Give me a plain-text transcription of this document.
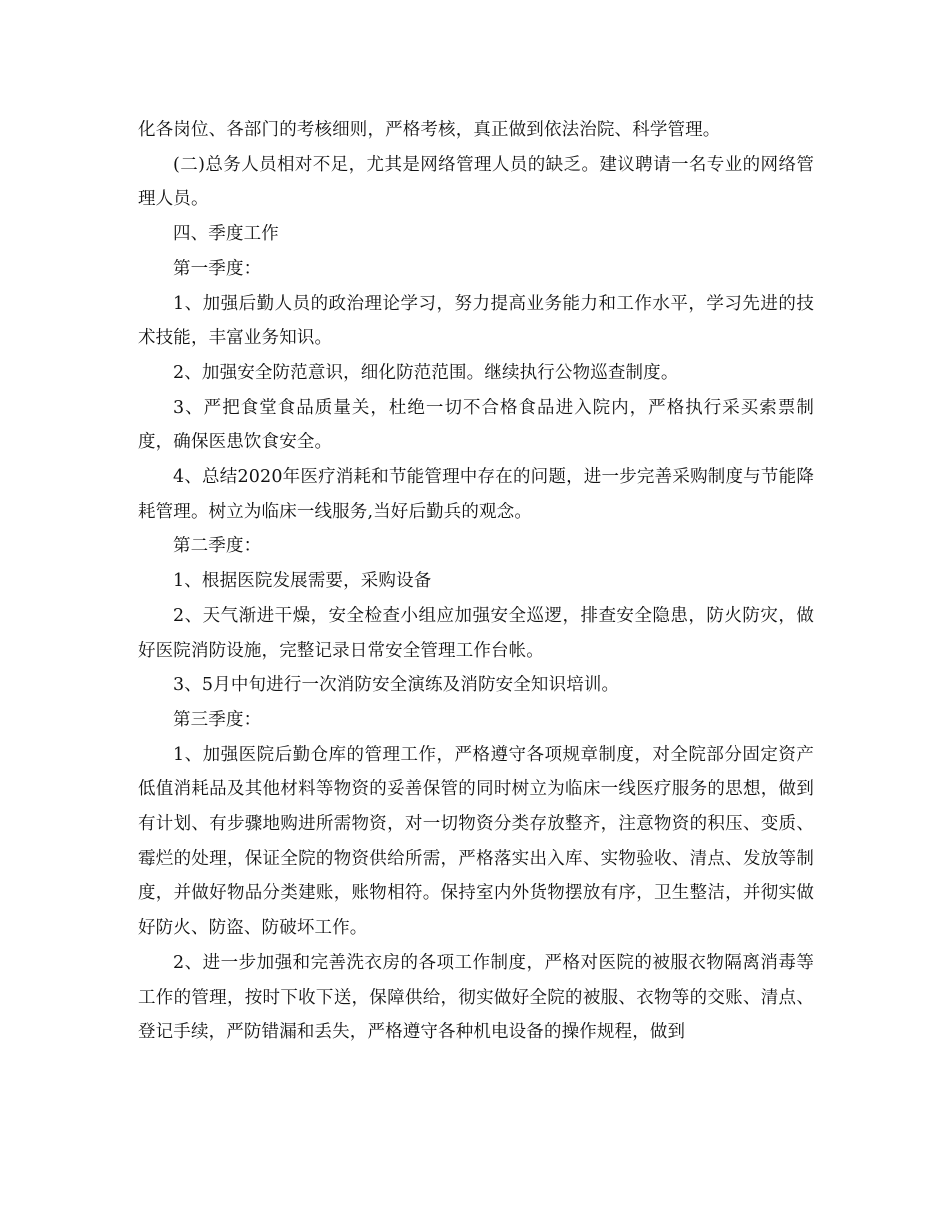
化各岗位、各部门的考核细则，严格考核，真正做到依法治院、科学管理。

(二)总务人员相对不足，尤其是网络管理人员的缺乏。建议聘请一名专业的网络管理人员。

四、季度工作

第一季度：

1、加强后勤人员的政治理论学习，努力提高业务能力和工作水平，学习先进的技术技能，丰富业务知识。

2、加强安全防范意识，细化防范范围。继续执行公物巡查制度。

3、严把食堂食品质量关，杜绝一切不合格食品进入院内，严格执行采买索票制度，确保医患饮食安全。

4、总结2020年医疗消耗和节能管理中存在的问题，进一步完善采购制度与节能降耗管理。树立为临床一线服务,当好后勤兵的观念。

第二季度：

1、根据医院发展需要，采购设备

2、天气渐进干燥，安全检查小组应加强安全巡逻，排查安全隐患，防火防灾，做好医院消防设施，完整记录日常安全管理工作台帐。

3、5月中旬进行一次消防安全演练及消防安全知识培训。

第三季度：

1、加强医院后勤仓库的管理工作，严格遵守各项规章制度，对全院部分固定资产低值消耗品及其他材料等物资的妥善保管的同时树立为临床一线医疗服务的思想，做到有计划、有步骤地购进所需物资，对一切物资分类存放整齐，注意物资的积压、变质、霉烂的处理，保证全院的物资供给所需，严格落实出入库、实物验收、清点、发放等制度，并做好物品分类建账，账物相符。保持室内外货物摆放有序，卫生整洁，并彻实做好防火、防盗、防破坏工作。

2、进一步加强和完善洗衣房的各项工作制度，严格对医院的被服衣物隔离消毒等工作的管理，按时下收下送，保障供给，彻实做好全院的被服、衣物等的交账、清点、登记手续，严防错漏和丢失，严格遵守各种机电设备的操作规程，做到
